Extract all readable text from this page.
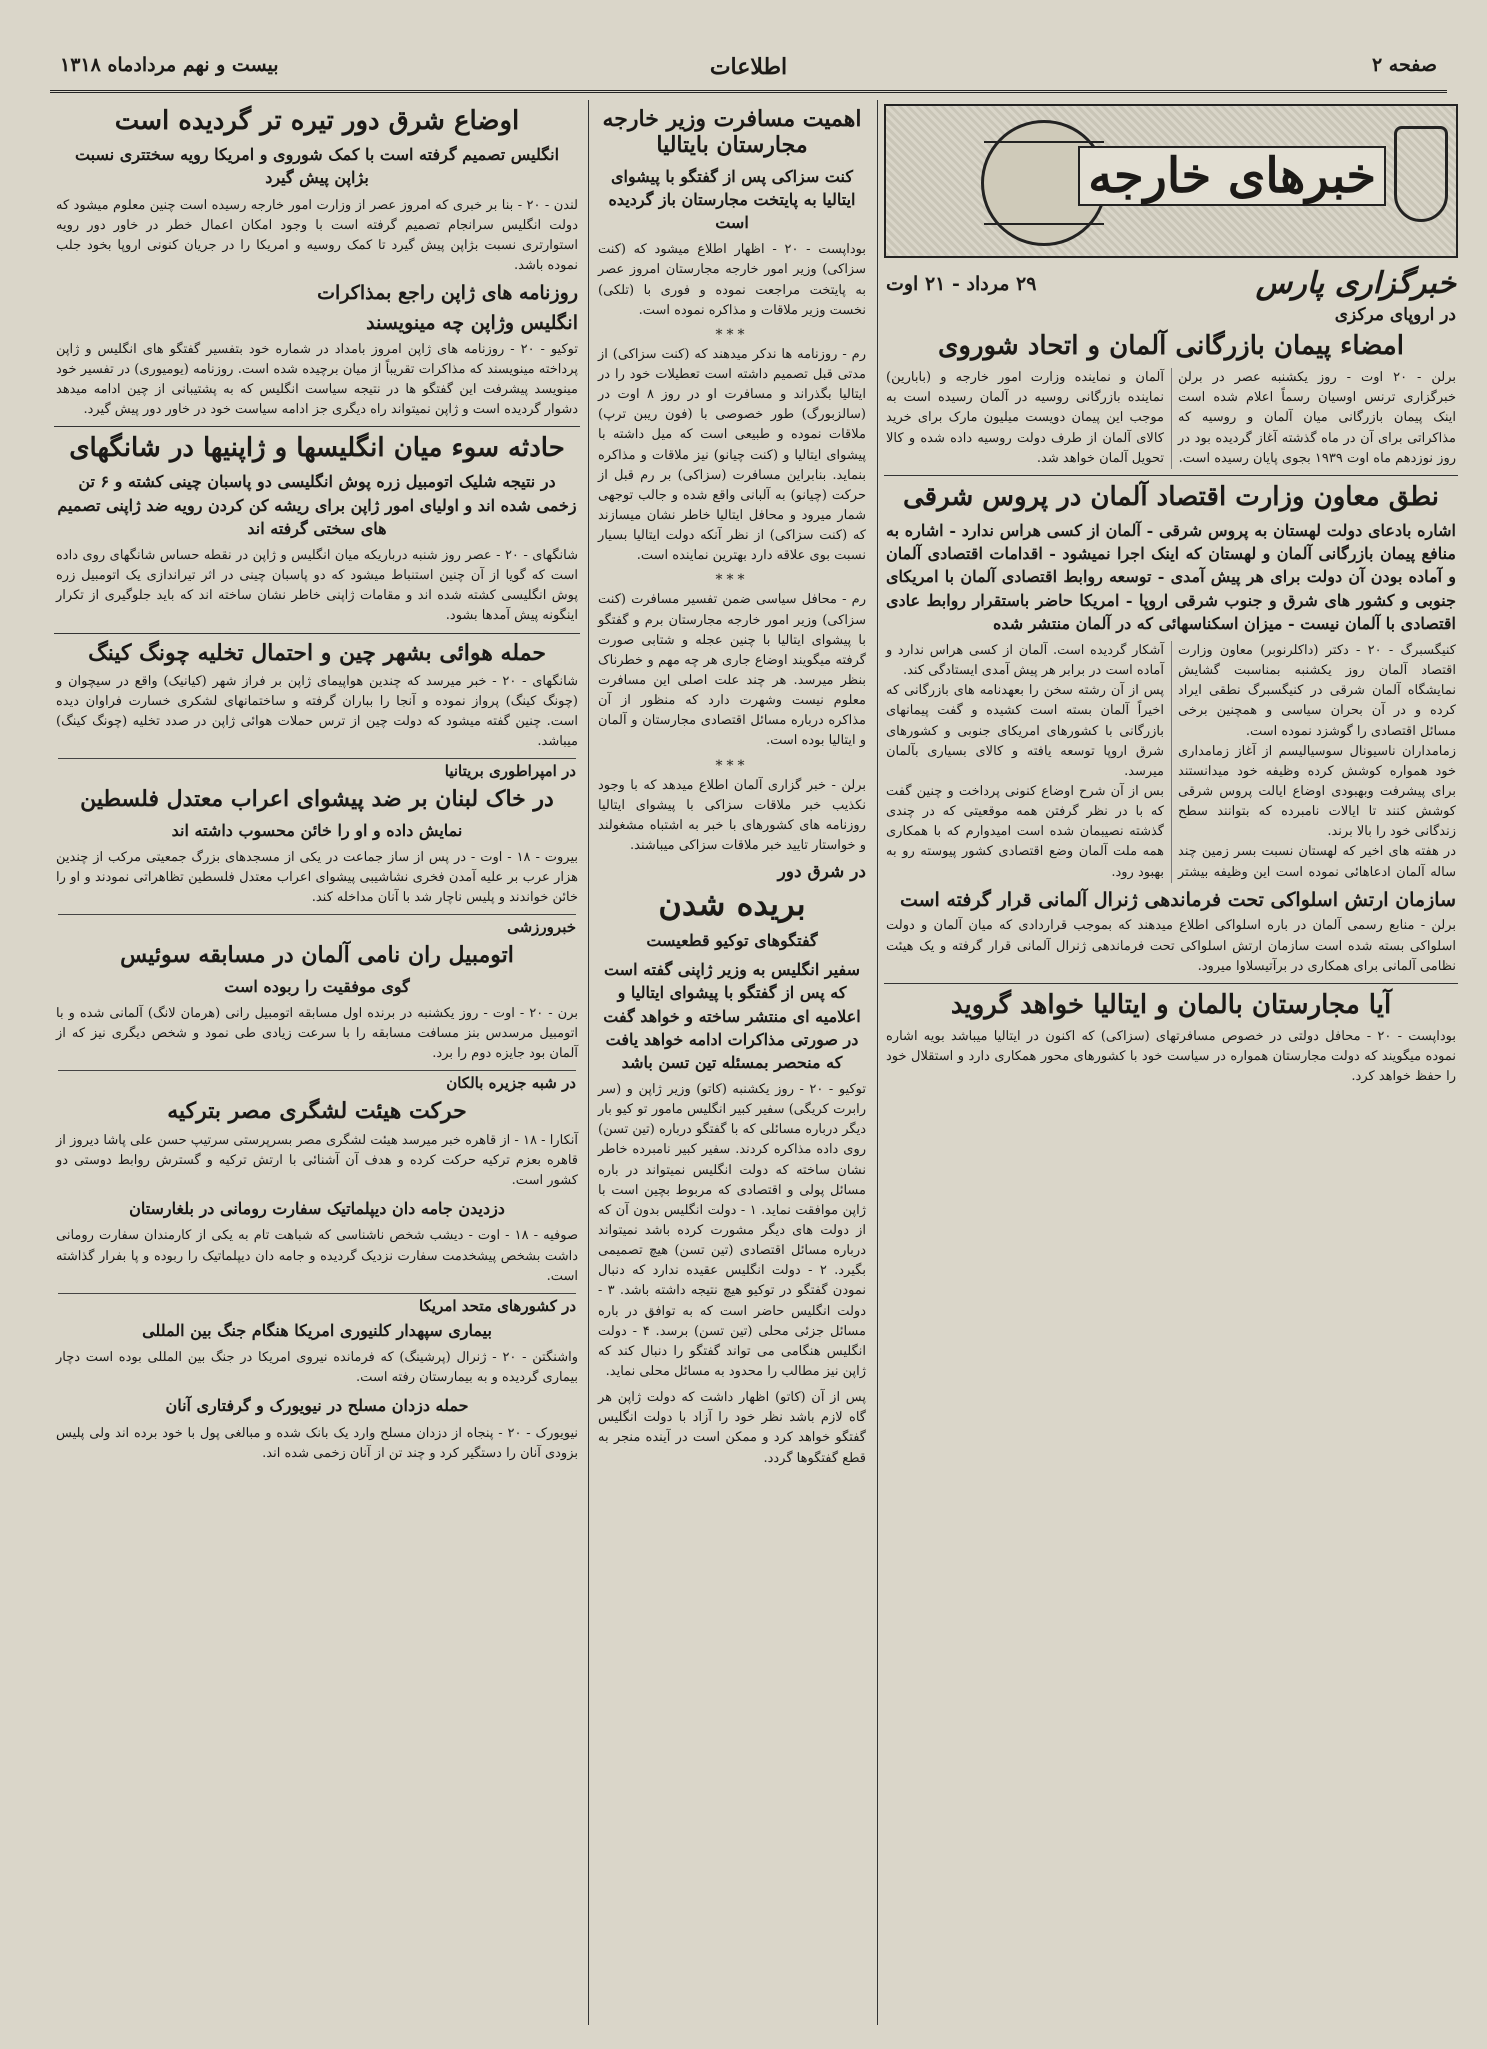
صفحه ۲
اطلاعات
بیست و نهم مردادماه ۱۳۱۸
خبرهای خارجه
خبرگزاری پارس
۲۹ مرداد - ۲۱ اوت
در اروپای مرکزی
امضاء پیمان بازرگانی آلمان و اتحاد شوروی
برلن - ۲۰ اوت - روز یکشنبه عصر در برلن خبرگزاری ترنس اوسیان رسماً اعلام شده است اینک پیمان بازرگانی میان آلمان و روسیه که مذاکراتی برای آن در ماه گذشته آغاز گردیده بود در روز نوزدهم ماه اوت ۱۹۳۹ بجوی پایان رسیده است.
آلمان و نماینده وزارت امور خارجه و (بابارین) نماینده بازرگانی روسیه در آلمان رسیده است به موجب این پیمان دویست میلیون مارک برای خرید کالای آلمان از طرف دولت روسیه داده شده و کالا تحویل آلمان خواهد شد.
نطق معاون وزارت اقتصاد آلمان در پروس شرقی
اشاره بادعای دولت لهستان به پروس شرقی - آلمان از کسی هراس ندارد - اشاره به منافع پیمان بازرگانی آلمان و لهستان که اینک اجرا نمیشود - اقدامات اقتصادی آلمان و آماده بودن آن دولت برای هر پیش آمدی - توسعه روابط اقتصادی آلمان با امریکای جنوبی و کشور های شرق و جنوب شرقی اروپا - امریکا حاضر باستقرار روابط عادی اقتصادی با آلمان نیست - میزان اسکناسهائی که در آلمان منتشر شده
کنیگسبرگ - ۲۰ - دکتر (داکلرنوبر) معاون وزارت اقتصاد آلمان روز یکشنبه بمناسبت گشایش نمایشگاه آلمان شرقی در کنیگسبرگ نطقی ایراد کرده و در آن بحران سیاسی و همچنین برخی مسائل اقتصادی را گوشزد نموده است.
زمامداران ناسیونال سوسیالیسم از آغاز زمامداری خود همواره کوشش کرده وظیفه خود میدانستند برای پیشرفت وبهبودی اوضاع ایالت پروس شرقی کوشش کنند تا ایالات نامبرده که بتوانند سطح زندگانی خود را بالا برند.
در هفته های اخیر که لهستان نسبت بسر زمین چند ساله آلمان ادعاهائی نموده است این وظیفه بیشتر آشکار گردیده است. آلمان از کسی هراس ندارد و آماده است در برابر هر پیش آمدی ایستادگی کند.
پس از آن رشته سخن را بعهدنامه های بازرگانی که اخیراً آلمان بسته است کشیده و گفت پیمانهای بازرگانی با کشورهای امریکای جنوبی و کشورهای شرق اروپا توسعه یافته و کالای بسیاری بآلمان میرسد.
بس از آن شرح اوضاع کنونی پرداخت و چنین گفت که با در نظر گرفتن همه موقعیتی که در چندی گذشته نصیبمان شده است امیدوارم که با همکاری همه ملت آلمان وضع اقتصادی کشور پیوسته رو به بهبود رود.
سازمان ارتش اسلواکی تحت فرماندهی ژنرال آلمانی قرار گرفته است
برلن - منابع رسمی آلمان در باره اسلواکی اطلاع میدهند که بموجب قراردادی که میان آلمان و دولت اسلواکی بسته شده است سازمان ارتش اسلواکی تحت فرماندهی ژنرال آلمانی قرار گرفته و یک هیئت نظامی آلمانی برای همکاری در برآتیسلاوا میرود.
آیا مجارستان بالمان و ایتالیا خواهد گروید
بوداپست - ۲۰ - محافل دولتی در خصوص مسافرتهای (سزاکی) که اکنون در ایتالیا میباشد بویه اشاره نموده میگویند که دولت مجارستان همواره در سیاست خود با کشورهای محور همکاری دارد و استقلال خود را حفظ خواهد کرد.
اهمیت مسافرت وزیر خارجه مجارستان بایتالیا
کنت سزاکی پس از گفتگو با پیشوای ایتالیا به پایتخت مجارستان باز گردیده است
بوداپست - ۲۰ - اظهار اطلاع میشود که (کنت سزاکی) وزیر امور خارجه مجارستان امروز عصر به پایتخت مراجعت نموده و فوری با (تلکی) نخست وزیر ملاقات و مذاکره نموده است.
***
رم - روزنامه ها ندکر میدهند که (کنت سزاکی) از مدتی قبل تصمیم داشته است تعطیلات خود را در ایتالیا بگذراند و مسافرت او در روز ۸ اوت در (سالزبورگ) طور خصوصی با (فون ریبن ترپ) ملاقات نموده و طبیعی است که میل داشته با پیشوای ایتالیا و (کنت چیانو) نیز ملاقات و مذاکره بنماید. بنابراین مسافرت (سزاکی) بر رم قبل از حرکت (چیانو) به آلبانی واقع شده و جالب توجهی شمار میرود و محافل ایتالیا خاطر نشان میسازند که (کنت سزاکی) از نظر آنکه دولت ایتالیا بسیار نسبت بوی علاقه دارد بهترین نماینده است.
***
رم - محافل سیاسی ضمن تفسیر مسافرت (کنت سزاکی) وزیر امور خارجه مجارستان برم و گفتگو با پیشوای ایتالیا با چنین عجله و شتابی صورت گرفته میگویند اوضاع جاری هر چه مهم و خطرناک بنظر میرسد. هر چند علت اصلی این مسافرت معلوم نیست وشهرت دارد که منظور از آن مذاکره درباره مسائل اقتصادی مجارستان و آلمان و ایتالیا بوده است.
***
برلن - خبر گزاری آلمان اطلاع میدهد که با وجود نکذیب خبر ملاقات سزاکی با پیشوای ایتالیا روزنامه های کشورهای با خبر به اشتباه مشغولند و خواستار تایید خبر ملاقات سزاکی میباشند.
در شرق دور
بریده شدن
گفتگوهای توکیو قطعیست
سفیر انگلیس به وزیر ژاپنی گفته است که پس از گفتگو با پیشوای ایتالیا و اعلامیه ای منتشر ساخته و خواهد گفت در صورتی مذاکرات ادامه خواهد یافت که منحصر بمسئله تین تسن باشد
توکیو - ۲۰ - روز یکشنبه (کاتو) وزیر ژاپن و (سر رابرت کریگی) سفیر کبیر انگلیس مامور تو کیو بار دیگر درباره مسائلی که با گفتگو درباره (تین تسن) روی داده مذاکره کردند. سفیر کبیر نامبرده خاطر نشان ساخته که دولت انگلیس نمیتواند در باره مسائل پولی و اقتصادی که مربوط بچین است با ژاپن موافقت نماید. ۱ - دولت انگلیس بدون آن که از دولت های دیگر مشورت کرده باشد نمیتواند درباره مسائل اقتصادی (تین تسن) هیچ تصمیمی بگیرد. ۲ - دولت انگلیس عقیده ندارد که دنبال نمودن گفتگو در توکیو هیچ نتیجه داشته باشد. ۳ - دولت انگلیس حاضر است که به توافق در باره مسائل جزئی محلی (تین تسن) برسد. ۴ - دولت انگلیس هنگامی می تواند گفتگو را دنبال کند که ژاپن نیز مطالب را محدود به مسائل محلی نماید.
پس از آن (کاتو) اظهار داشت که دولت ژاپن هر گاه لازم باشد نظر خود را آزاد با دولت انگلیس گفتگو خواهد کرد و ممکن است در آینده منجر به قطع گفتگوها گردد.
اوضاع شرق دور تیره تر گردیده است
انگلیس تصمیم گرفته است با کمک شوروی و امریکا رویه سختتری نسبت بژاپن پیش گیرد
لندن - ۲۰ - بنا بر خبری که امروز عصر از وزارت امور خارجه رسیده است چنین معلوم میشود که دولت انگلیس سرانجام تصمیم گرفته است با وجود امکان اعمال خطر در خاور دور رویه استوارتری نسبت بژاپن پیش گیرد تا کمک روسیه و امریکا را در جریان کنونی اروپا بخود جلب نموده باشد.
روزنامه های ژاپن راجع بمذاکرات
انگلیس وژاپن چه مینویسند
توکیو - ۲۰ - روزنامه های ژاپن امروز بامداد در شماره خود بتفسیر گفتگو های انگلیس و ژاپن پرداخته مینویسند که مذاکرات تقریباً از میان برچیده شده است. روزنامه (یومیوری) در تفسیر خود مینویسد پیشرفت این گفتگو ها در نتیجه سیاست انگلیس که به پشتیبانی از چین ادامه میدهد دشوار گردیده است و ژاپن نمیتواند راه دیگری جز ادامه سیاست خود در خاور دور پیش گیرد.
حادثه سوء میان انگلیسها و ژاپنیها در شانگهای
در نتیجه شلیک اتومبیل زره پوش انگلیسی دو پاسبان چینی کشته و ۶ تن زخمی شده اند و اولیای امور ژاپن برای ریشه کن کردن رویه ضد ژاپنی تصمیم های سختی گرفته اند
شانگهای - ۲۰ - عصر روز شنبه درباریکه میان انگلیس و ژاپن در نقطه حساس شانگهای روی داده است که گویا از آن چنین استنباط میشود که دو پاسبان چینی در اثر تیراندازی یک اتومبیل زره پوش انگلیسی کشته شده اند و مقامات ژاپنی خاطر نشان ساخته اند که باید جلوگیری از تکرار اینگونه پیش آمدها بشود.
حمله هوائی بشهر چین و احتمال تخلیه چونگ کینگ
شانگهای - ۲۰ - خبر میرسد که چندین هواپیمای ژاپن بر فراز شهر (کیانیک) واقع در سیچوان و (چونگ کینگ) پرواز نموده و آنجا را بباران گرفته و ساختمانهای لشکری خسارت فراوان دیده است. چنین گفته میشود که دولت چین از ترس حملات هوائی ژاپن در صدد تخلیه (چونگ کینگ) میباشد.
در امپراطوری بریتانیا
در خاک لبنان بر ضد پیشوای اعراب معتدل فلسطین
نمایش داده و او را خائن محسوب داشته اند
بیروت - ۱۸ - اوت - در پس از ساز جماعت در یکی از مسجدهای بزرگ جمعیتی مرکب از چندین هزار عرب بر علیه آمدن فخری نشاشیبی پیشوای اعراب معتدل فلسطین تظاهراتی نمودند و او را خائن خواندند و پلیس ناچار شد با آنان مداخله کند.
خبرورزشی
اتومبیل ران نامی آلمان در مسابقه سوئیس
گوی موفقیت را ربوده است
برن - ۲۰ - اوت - روز یکشنبه در برنده اول مسابقه اتومبیل رانی (هرمان لانگ) آلمانی شده و با اتومبیل مرسدس بنز مسافت مسابقه را با سرعت زیادی طی نمود و شخص دیگری نیز که از آلمان بود جایزه دوم را برد.
در شبه جزیره بالکان
حرکت هیئت لشگری مصر بترکیه
آنکارا - ۱۸ - از قاهره خبر میرسد هیئت لشگری مصر بسرپرستی سرتیپ حسن علی پاشا دیروز از قاهره بعزم ترکیه حرکت کرده و هدف آن آشنائی با ارتش ترکیه و گسترش روابط دوستی دو کشور است.
دزدیدن جامه دان دیپلماتیک سفارت رومانی در بلغارستان
صوفیه - ۱۸ - اوت - دیشب شخص ناشناسی که شباهت تام به یکی از کارمندان سفارت رومانی داشت بشخص پیشخدمت سفارت نزدیک گردیده و جامه دان دیپلماتیک را ربوده و پا بفرار گذاشته است.
در کشورهای متحد امریکا
بیماری سپهدار کلنیوری امریکا هنگام جنگ بین المللی
واشنگتن - ۲۰ - ژنرال (پرشینگ) که فرمانده نیروی امریکا در جنگ بین المللی بوده است دچار بیماری گردیده و به بیمارستان رفته است.
حمله دزدان مسلح در نیویورک و گرفتاری آنان
نیویورک - ۲۰ - پنجاه از دزدان مسلح وارد یک بانک شده و مبالغی پول با خود برده اند ولی پلیس بزودی آنان را دستگیر کرد و چند تن از آنان زخمی شده اند.
